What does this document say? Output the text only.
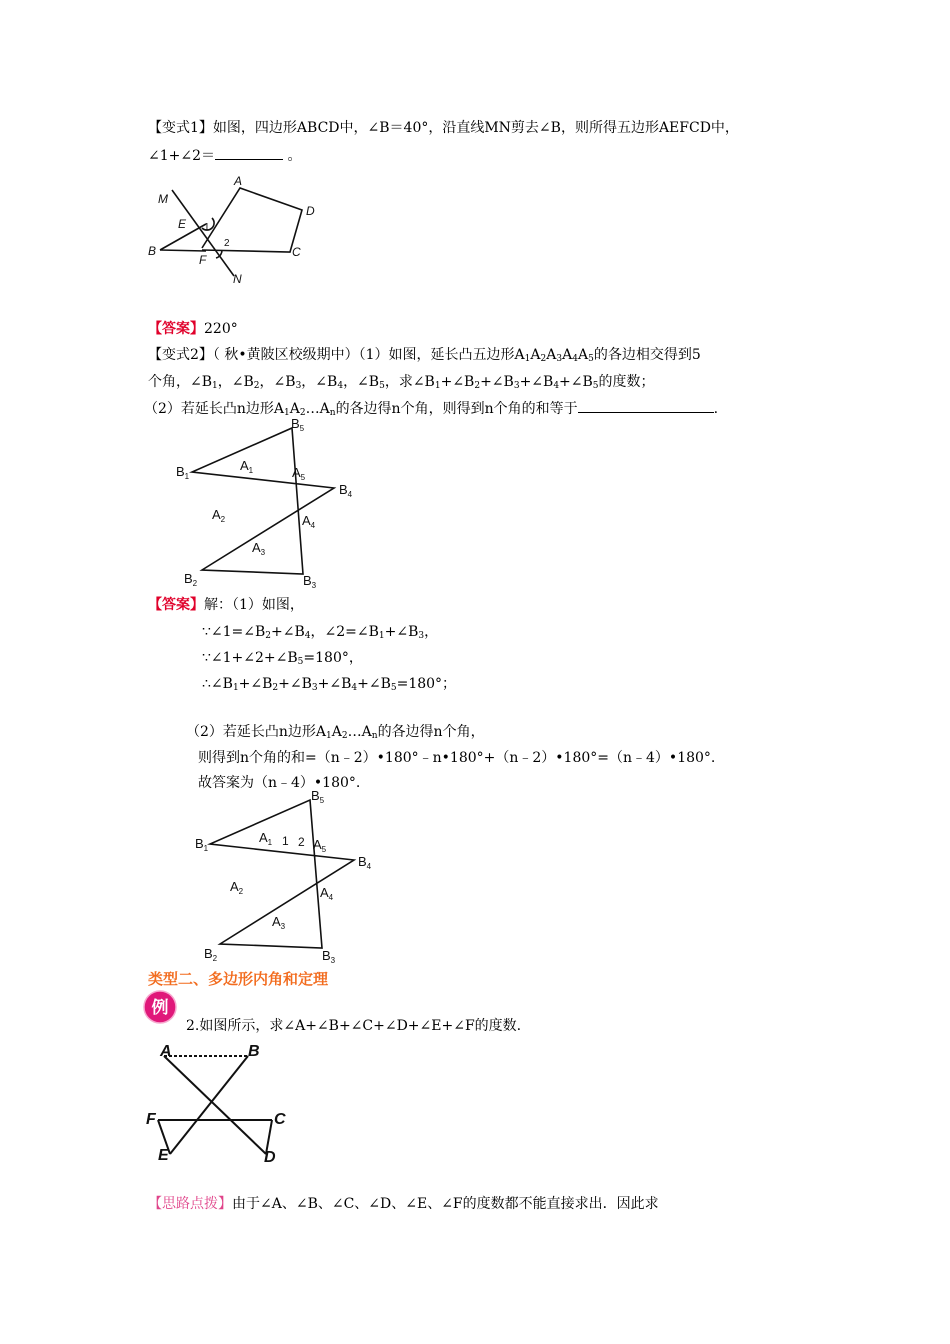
【变式1】如图，四边形ABCD中，∠B＝40°，沿直线MN剪去∠B，则所得五边形AEFCD中，
∠1+∠2＝	。
M
A
D
E 1
2
B
F
C
N
【答案】220°
【变式2】（ 秋•黄陂区校级期中）（1）如图，延长凸五边形$A_1A_2A_3A_4A_5$的各边相交得到5
个角，$\angle B_1$，$\angle B_2$，$\angle B_3$，$\angle B_4$，$\angle B_5$，求$\angle B_1+\angle B_2+\angle B_3+\angle B_4+\angle B_5$的度数；
（2）若延长凸n边形$A_1A_2\dots A_n$的各边得n个角，则得到n个角的和等于	.
$B_5$
$B_1$
$A_1$	$A_5$
$B_4$
$A_2$	$A_4$
$A_3$
$B_2$	$B_3$
【答案】解：（1）如图，
$\because\angle 1=\angle B_2+\angle B_4$，$\angle 2=\angle B_1+\angle B_3$，
$\because\angle 1+\angle 2+\angle B_5=180^\circ$，
$\therefore\angle B_1+\angle B_2+\angle B_3+\angle B_4+\angle B_5=180^\circ$；
（2）若延长凸n边形$A_1A_2\dots A_n$的各边得n个角，
则得到n个角的和=（n﹣2）•180°﹣n•180°+（n﹣2）•180°=（n﹣4）•180°.
故答案为（n﹣4）•180°.
$B_5$
$B_1$
$A_1$ 1 2 $A_5$
$B_4$
$A_2$	$A_4$
$A_3$
$B_2$	$B_3$
类型二、多边形内角和定理
例
2.如图所示，求∠A+∠B+∠C+∠D+∠E+∠F的度数.
A	B
F	C
E	D
【思路点拨】由于∠A、∠B、∠C、∠D、∠E、∠F的度数都不能直接求出．因此求
